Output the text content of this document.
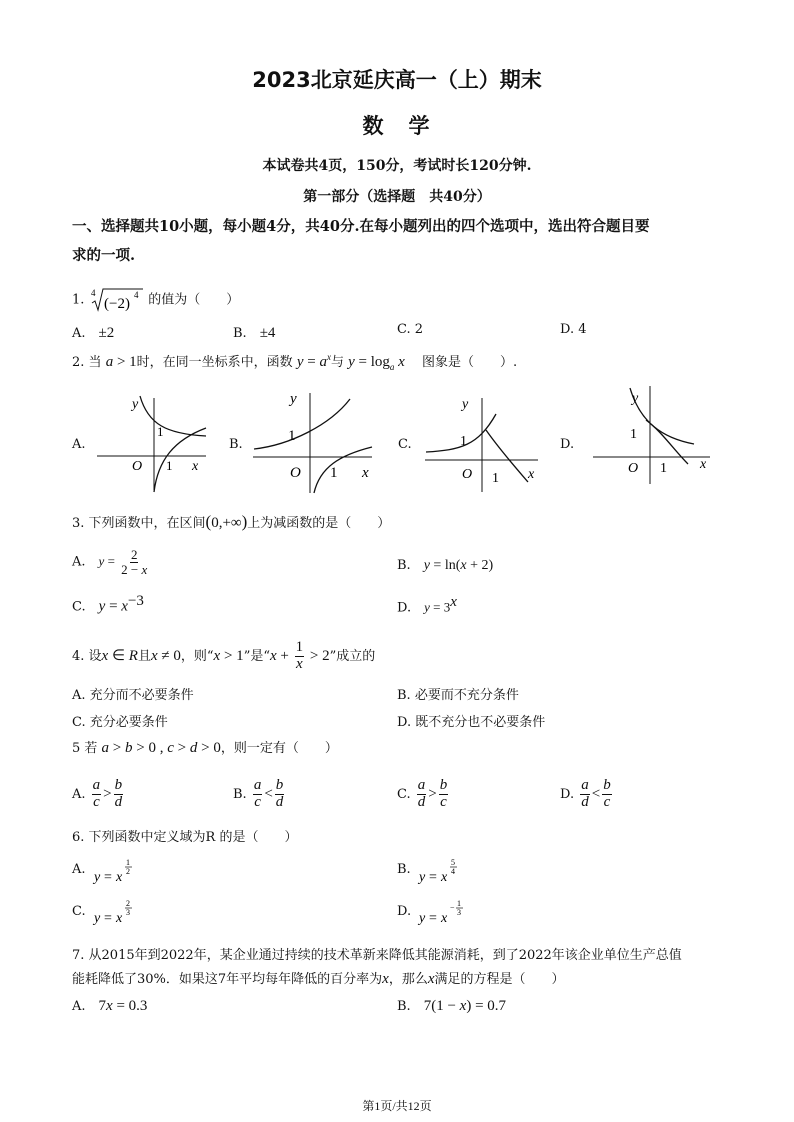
2023北京延庆高一（上）期末
数　学
本试卷共4页，150分，考试时长120分钟.
第一部分（选择题　共40分）
一、选择题共10小题，每小题4分，共40分.在每小题列出的四个选项中，选出符合题目要
求的一项.
1. 4
(−2)
4 的值为（　　）
A.　 ±2	B.　 ±4	C. 2	D. 4
2. 当 a > 1时，在同一坐标系中，函数 $y = a^x$与 $y = \log_a x$　 图象是（　　）.
A.
y
1
O 1 x
B.
y
1
O 1 x
C.
y
1
O 1 x
D.
y
1
O 1 x
3. 下列函数中，在区间(0,+∞)上为减函数的是（　　）
A.　 $y = \frac{2}{2 - x}$	B.　 y = ln(x + 2)
C.　 $y = x^{-3}$	D.　 $y = 3^x$
4. 设x ∈ R且x ≠ 0，则“x > 1”是“$x + \frac{1}{x} > 2$”成立的
A. 充分而不必要条件	B. 必要而不充分条件
C. 充分必要条件	D. 既不充分也不必要条件
5 若 a > b > 0 , c > d > 0，则一定有（　　）
A. $\frac{a}{c} > \frac{b}{d}$	B. $\frac{a}{c} < \frac{b}{d}$	C. $\frac{a}{d} > \frac{b}{c}$	D. $\frac{a}{d} < \frac{b}{c}$
6. 下列函数中定义域为R 的是（　　）
A.
y = x
1
2	B.
y = x
5
4
C. y = x
2
3	D. y = x
− 1
3
7. 从2015年到2022年，某企业通过持续的技术革新来降低其能源消耗，到了2022年该企业单位生产总值
能耗降低了30%．如果这7年平均每年降低的百分率为x，那么x满足的方程是（　　）
A.　 7x = 0.3	B.　 7(1 − x) = 0.7
第1页/共12页
